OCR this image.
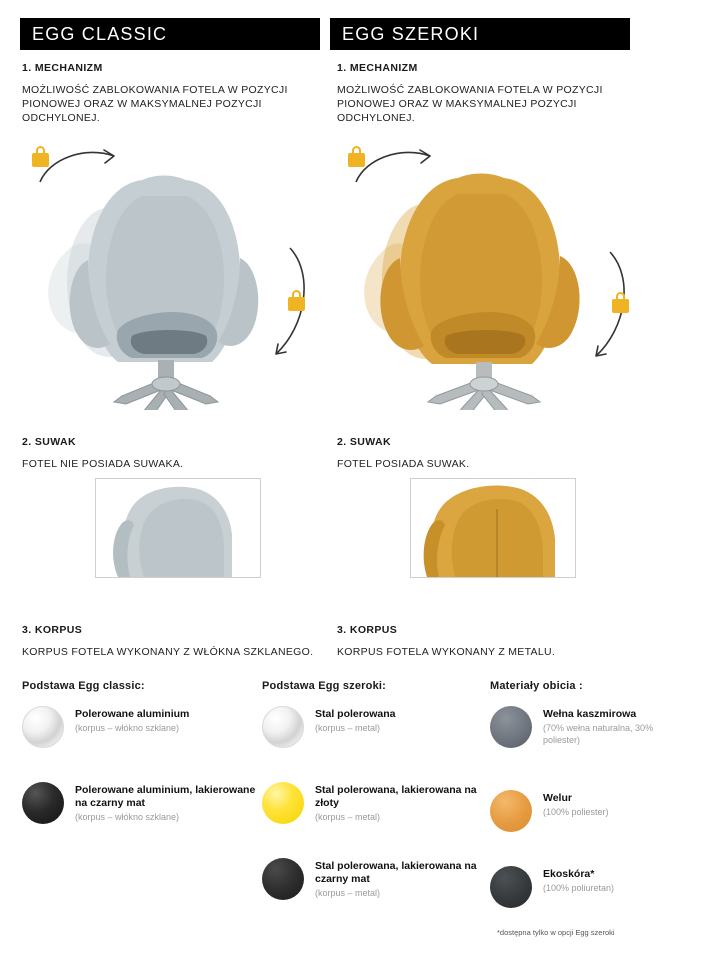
EGG CLASSIC	EGG SZEROKI

1. MECHANIZM

MOŻLIWOŚĆ ZABLOKOWANIA FOTELA W POZYCJI PIONOWEJ ORAZ W MAKSYMALNEJ POZYCJI ODCHYLONEJ.

2. SUWAK

FOTEL NIE POSIADA SUWAKA.

3. KORPUS

KORPUS FOTELA WYKONANY Z WŁÓKNA SZKLANEGO.

1. MECHANIZM

MOŻLIWOŚĆ ZABLOKOWANIA FOTELA W POZYCJI PIONOWEJ ORAZ W MAKSYMALNEJ POZYCJI ODCHYLONEJ.

2. SUWAK

FOTEL POSIADA SUWAK.

3. KORPUS

KORPUS FOTELA WYKONANY Z METALU.

Podstawa Egg classic:	Podstawa Egg szeroki:	Materiały obicia :
Polerowane aluminium
(korpus – włókno szklane)
Polerowane aluminium, lakierowane na czarny mat
(korpus – włókno szklane)
Stal polerowana
(korpus – metal)
Stal polerowana, lakierowana na złoty
(korpus – metal)
Stal polerowana, lakierowana na czarny mat
(korpus – metal)
Wełna kaszmirowa
(70% wełna naturalna, 30% poliester)
Welur
(100% poliester)
Ekoskóra*
(100% poliuretan)
*dostępna tylko w opcji Egg szeroki
